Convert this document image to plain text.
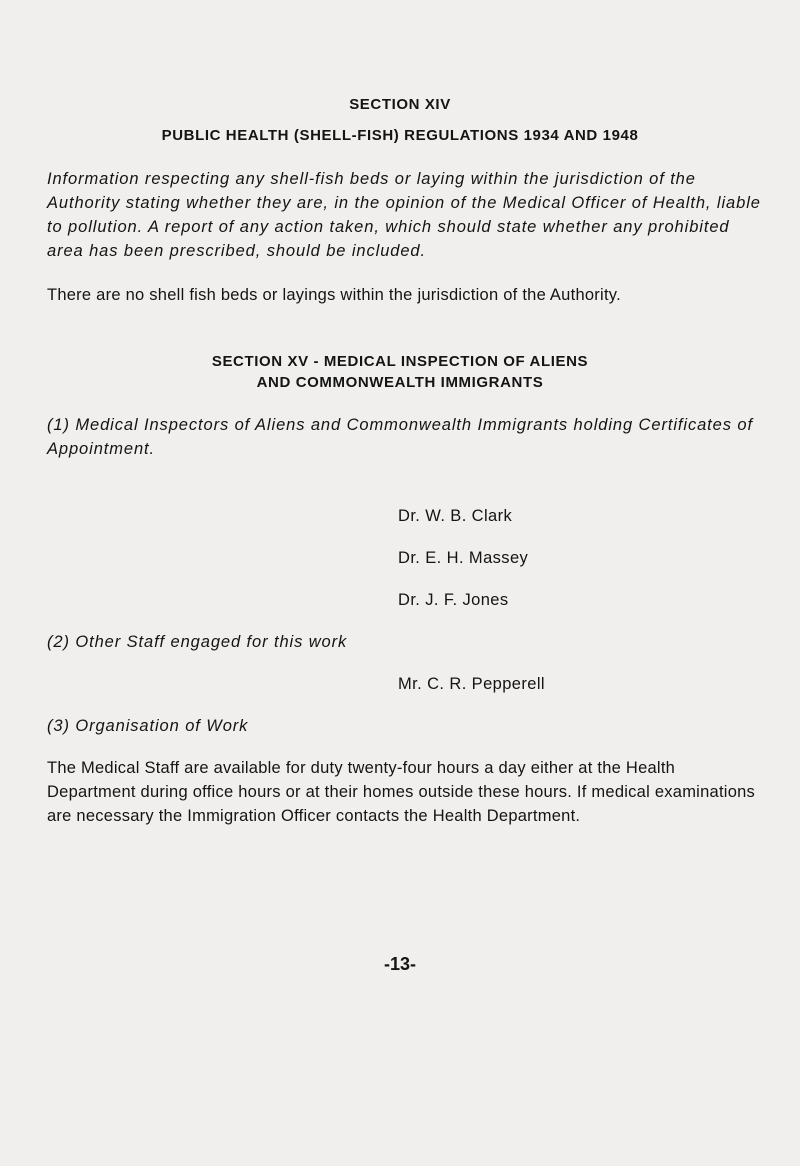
SECTION XIV

PUBLIC HEALTH (SHELL-FISH) REGULATIONS 1934 AND 1948

Information respecting any shell-fish beds or laying within the jurisdiction of the Authority stating whether they are, in the opinion of the Medical Officer of Health, liable to pollution. A report of any action taken, which should state whether any prohibited area has been prescribed, should be included.

There are no shell fish beds or layings within the jurisdiction of the Authority.

SECTION XV - MEDICAL INSPECTION OF ALIENS

AND COMMONWEALTH IMMIGRANTS

(1) Medical Inspectors of Aliens and Commonwealth Immigrants holding Certificates of Appointment.

Dr. W. B. Clark

Dr. E. H. Massey

Dr. J. F. Jones

(2) Other Staff engaged for this work

Mr. C. R. Pepperell

(3) Organisation of Work

The Medical Staff are available for duty twenty-four hours a day either at the Health Department during office hours or at their homes outside these hours. If medical examinations are necessary the Immigration Officer contacts the Health Department.

-13-
